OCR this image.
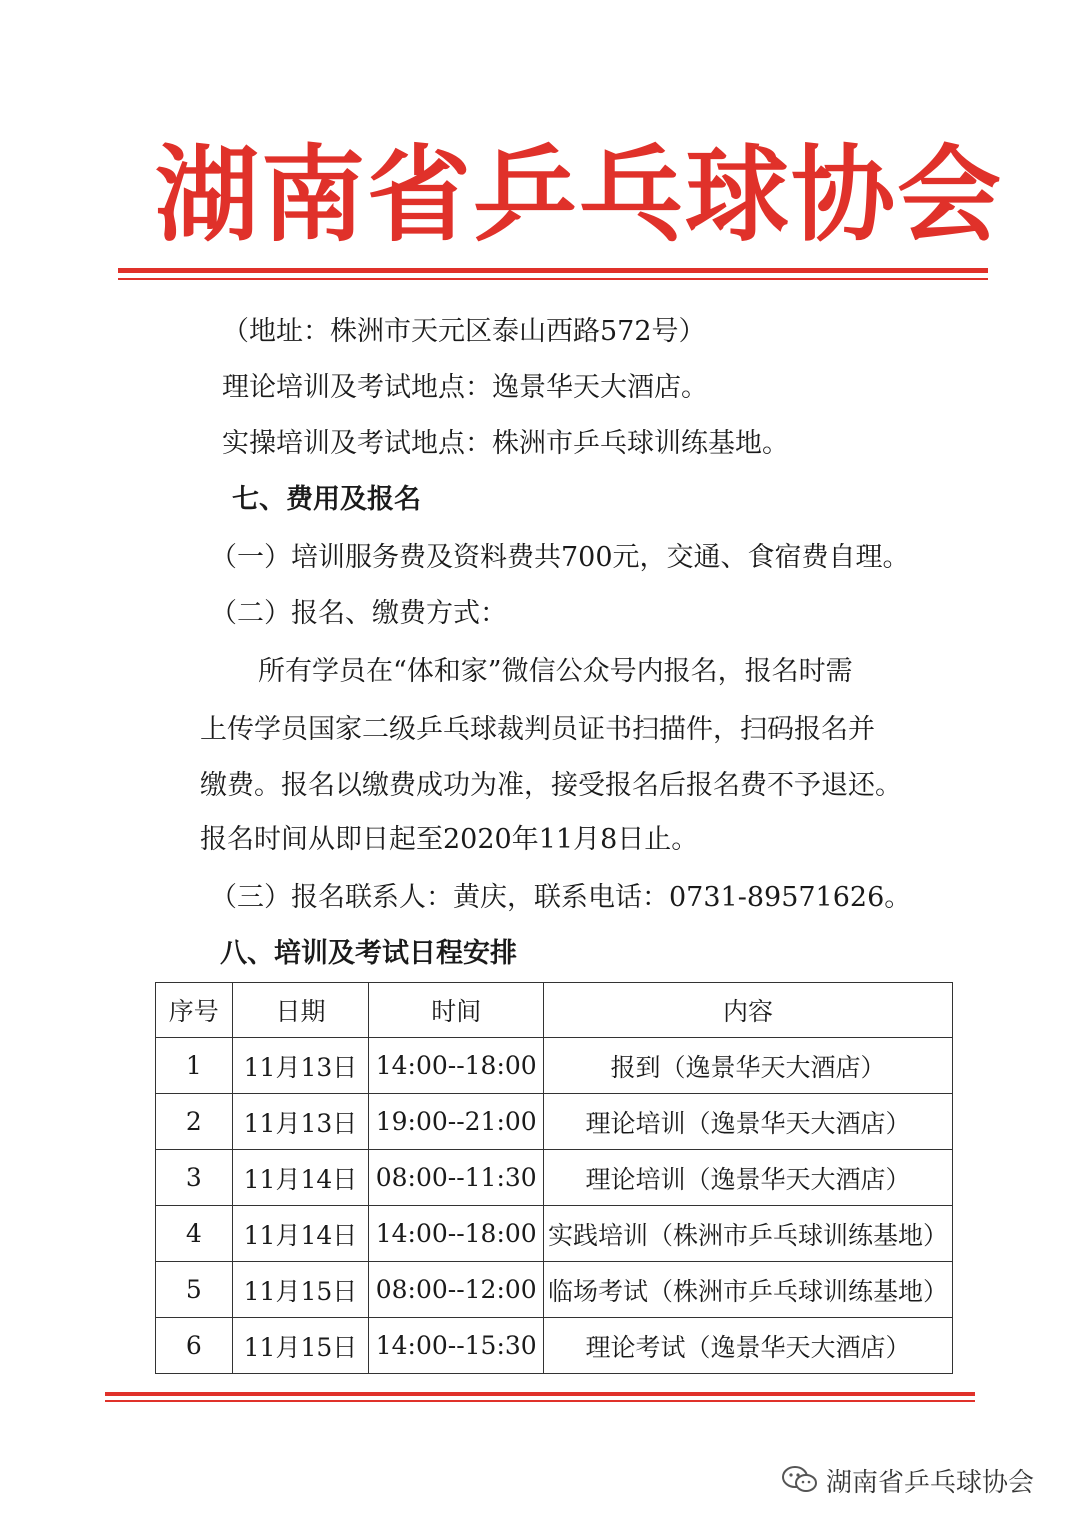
湖南省乒乓球协会
（地址：株洲市天元区泰山西路572号）
理论培训及考试地点：逸景华天大酒店。
实操培训及考试地点：株洲市乒乓球训练基地。
七、费用及报名
（一）培训服务费及资料费共700元，交通、食宿费自理。
（二）报名、缴费方式：
所有学员在“体和家”微信公众号内报名，报名时需
上传学员国家二级乒乓球裁判员证书扫描件，扫码报名并
缴费。报名以缴费成功为准，接受报名后报名费不予退还。
报名时间从即日起至2020年11月8日止。
（三）报名联系人：黄庆，联系电话：0731-89571626。
八、培训及考试日程安排
序号	日期	时间	内容
1	11月13日	14:00--18:00	报到（逸景华天大酒店）
2	11月13日	19:00--21:00	理论培训（逸景华天大酒店）
3	11月14日	08:00--11:30	理论培训（逸景华天大酒店）
4	11月14日	14:00--18:00	实践培训（株洲市乒乓球训练基地）
5	11月15日	08:00--12:00	临场考试（株洲市乒乓球训练基地）
6	11月15日	14:00--15:30	理论考试（逸景华天大酒店）
湖南省乒乓球协会
